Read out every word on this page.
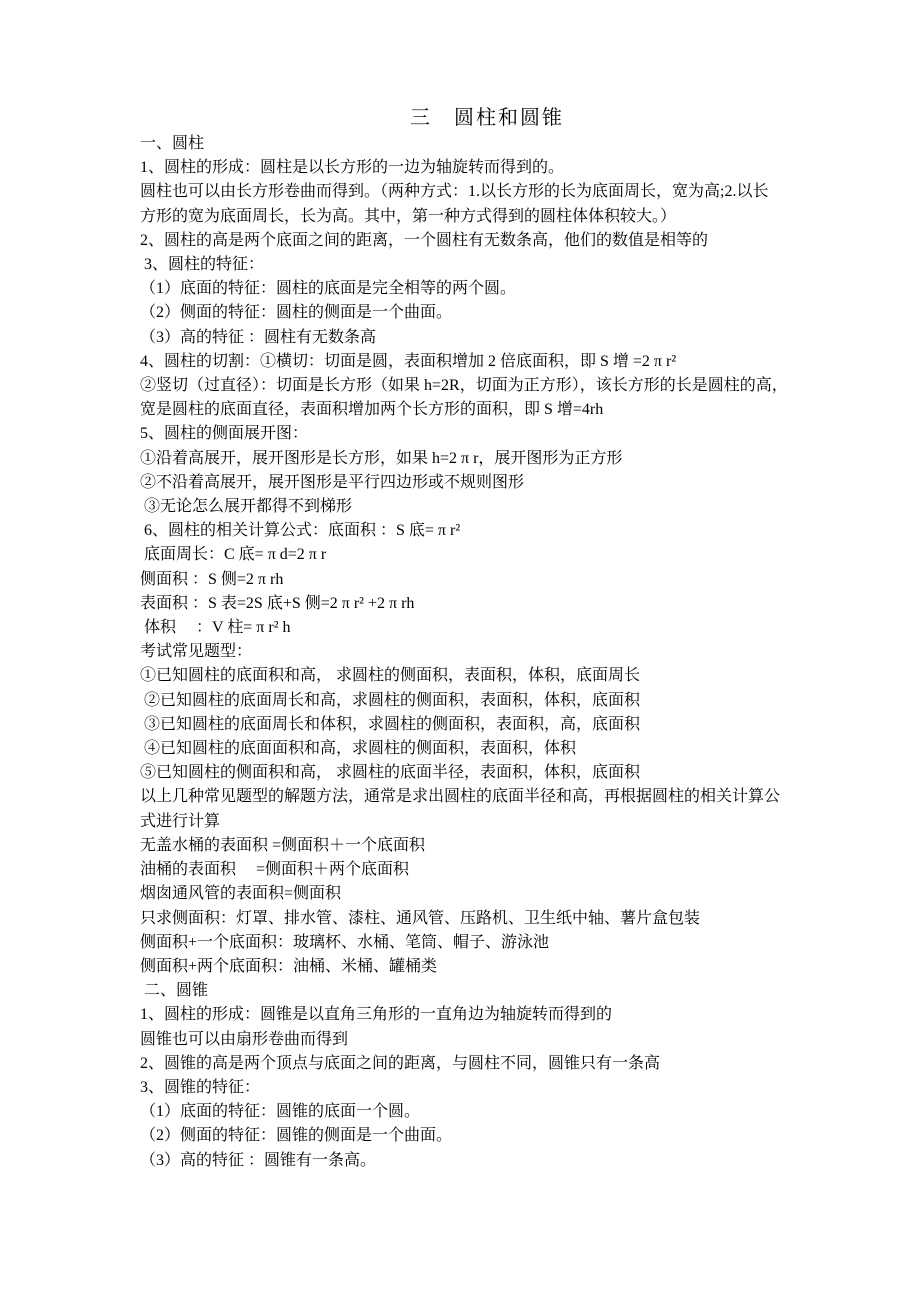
三　圆柱和圆锥
一、圆柱
1、圆柱的形成：圆柱是以长方形的一边为轴旋转而得到的。
圆柱也可以由长方形卷曲而得到。（两种方式：1.以长方形的长为底面周长，宽为高;2.以长
方形的宽为底面周长，长为高。其中，第一种方式得到的圆柱体体积较大。）
2、圆柱的高是两个底面之间的距离，一个圆柱有无数条高，他们的数值是相等的
3、圆柱的特征：
（1）底面的特征：圆柱的底面是完全相等的两个圆。
（2）侧面的特征：圆柱的侧面是一个曲面。
（3）高的特征 ：圆柱有无数条高
4、圆柱的切割：①横切：切面是圆，表面积增加 2 倍底面积，即 S 增 =2 π r²
②竖切（过直径）：切面是长方形（如果 h=2R，切面为正方形），该长方形的长是圆柱的高，
宽是圆柱的底面直径，表面积增加两个长方形的面积，即 S 增=4rh
5、圆柱的侧面展开图：
①沿着高展开，展开图形是长方形，如果 h=2 π r，展开图形为正方形
②不沿着高展开，展开图形是平行四边形或不规则图形
③无论怎么展开都得不到梯形
6、圆柱的相关计算公式：底面积 ：S 底= π r²
底面周长：C 底= π d=2 π r
侧面积 ：S 侧=2 π rh
表面积 ：S 表=2S 底+S 侧=2 π r² +2 π rh
体积　 ：V 柱= π r² h
考试常见题型：
①已知圆柱的底面积和高， 求圆柱的侧面积，表面积，体积，底面周长
②已知圆柱的底面周长和高，求圆柱的侧面积，表面积，体积，底面积
③已知圆柱的底面周长和体积，求圆柱的侧面积，表面积，高，底面积
④已知圆柱的底面面积和高，求圆柱的侧面积，表面积，体积
⑤已知圆柱的侧面积和高， 求圆柱的底面半径，表面积，体积，底面积
以上几种常见题型的解题方法，通常是求出圆柱的底面半径和高，再根据圆柱的相关计算公
式进行计算
无盖水桶的表面积 =侧面积＋一个底面积
油桶的表面积　 =侧面积＋两个底面积
烟囱通风管的表面积=侧面积
只求侧面积：灯罩、排水管、漆柱、通风管、压路机、卫生纸中轴、薯片盒包装
侧面积+一个底面积：玻璃杯、水桶、笔筒、帽子、游泳池
侧面积+两个底面积：油桶、米桶、罐桶类
二、圆锥
1、圆柱的形成：圆锥是以直角三角形的一直角边为轴旋转而得到的
圆锥也可以由扇形卷曲而得到
2、圆锥的高是两个顶点与底面之间的距离，与圆柱不同，圆锥只有一条高
3、圆锥的特征：
（1）底面的特征：圆锥的底面一个圆。
（2）侧面的特征：圆锥的侧面是一个曲面。
（3）高的特征 ：圆锥有一条高。
